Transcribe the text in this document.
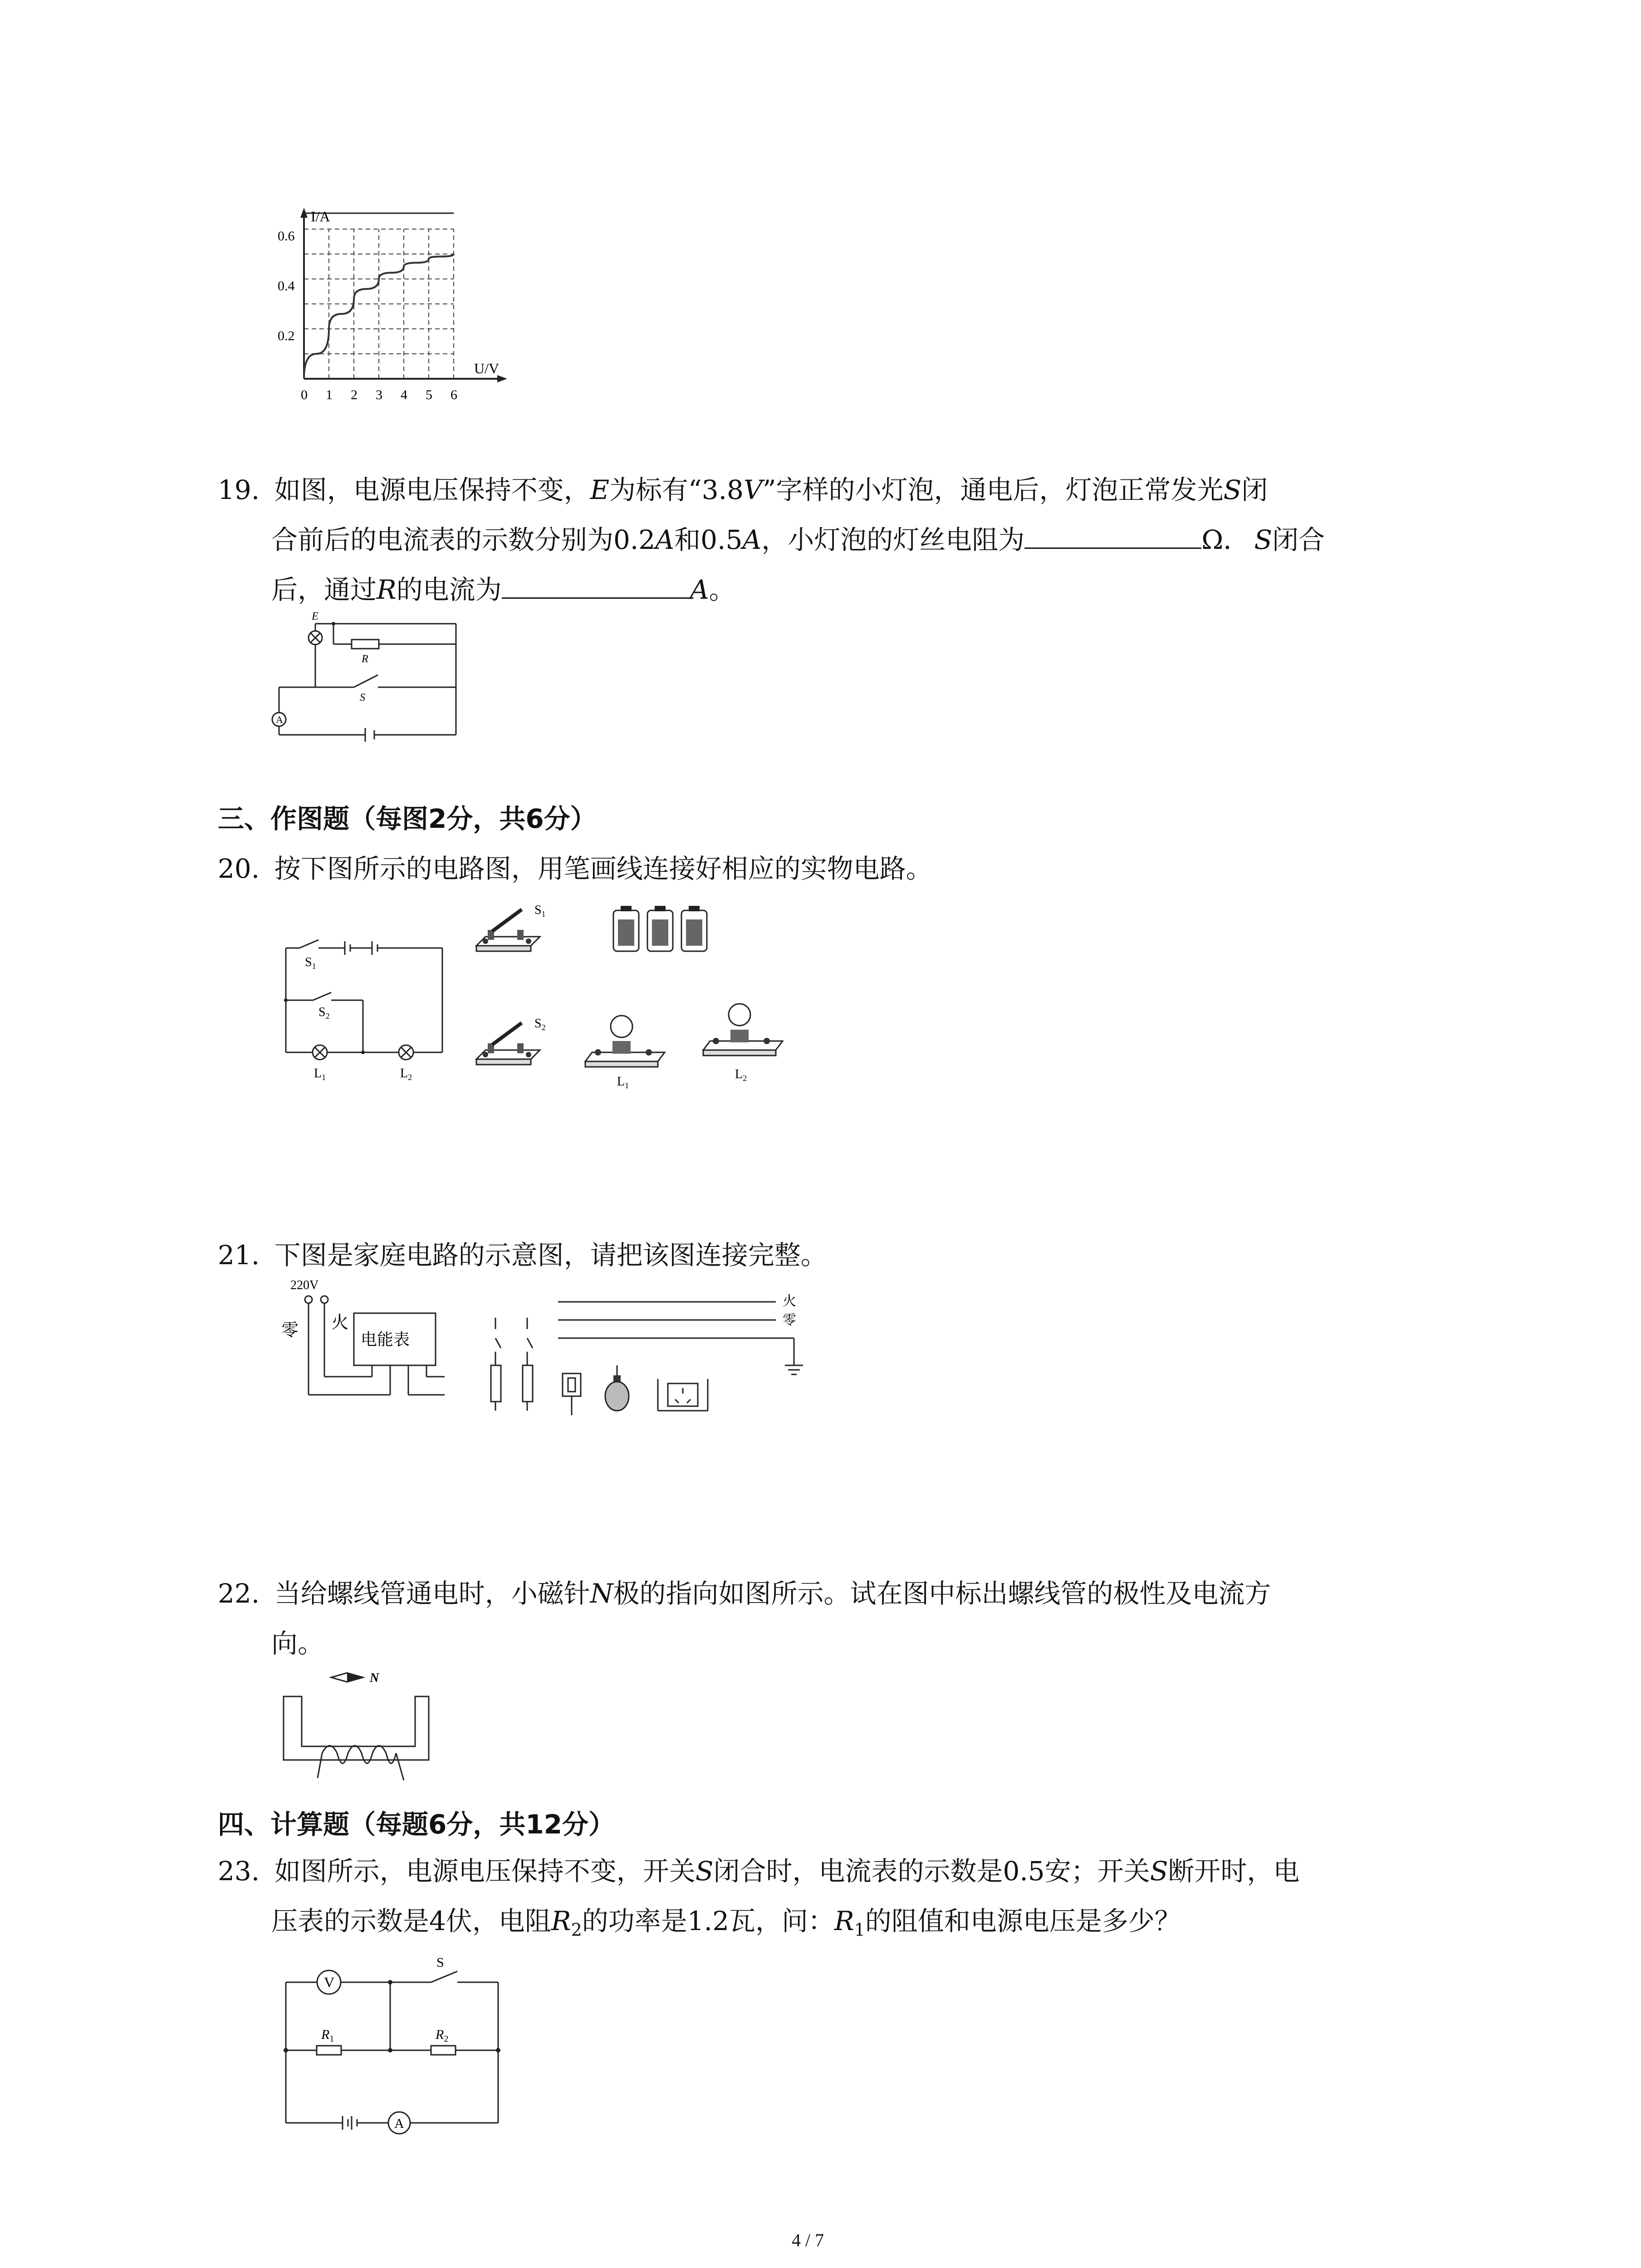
I/A
U/V
0.6
0.4
0.2
0 1 2 3 4 5 6
19. 如图，电源电压保持不变，E为标有“3.8V”字样的小灯泡，通电后，灯泡正常发光S闭
合前后的电流表的示数分别为0.2A和0.5A，小灯泡的灯丝电阻为	Ω． S闭合
后，通过R的电流为	A。
E
R
S
A
三、作图题（每图2分，共6分）
20. 按下图所示的电路图，用笔画线连接好相应的实物电路。
$S_1$
$S_2$
$L_1$	$L_2$
$S_1$
$S_2$
$L_1$
$L_2$
21. 下图是家庭电路的示意图，请把该图连接完整。
220V
零 火
电能表
火
零
22. 当给螺线管通电时，小磁针N极的指向如图所示。试在图中标出螺线管的极性及电流方
向。
N
四、计算题（每题6分，共12分）
23. 如图所示，电源电压保持不变，开关S闭合时，电流表的示数是0.5安；开关S断开时，电
压表的示数是4伏，电阻$R_2$的功率是1.2瓦，问：$R_1$的阻值和电源电压是多少？
V
S
$R_1$	$R_2$
A
4 / 7
